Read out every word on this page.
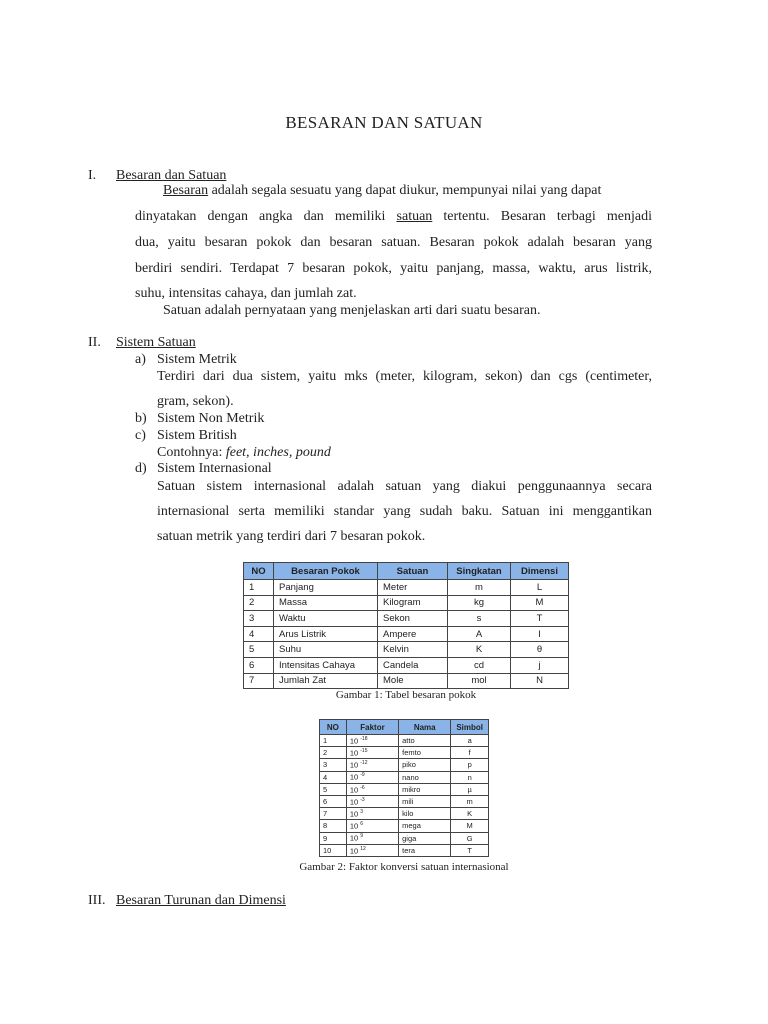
BESARAN DAN SATUAN
I. Besaran dan Satuan
Besaran adalah segala sesuatu yang dapat diukur, mempunyai nilai yang dapat
dinyatakan dengan angka dan memiliki satuan tertentu. Besaran terbagi menjadi
dua, yaitu besaran pokok dan besaran satuan. Besaran pokok adalah besaran yang
berdiri sendiri. Terdapat 7 besaran pokok, yaitu panjang, massa, waktu, arus listrik,
suhu, intensitas cahaya, dan jumlah zat.
Satuan adalah pernyataan yang menjelaskan arti dari suatu besaran.
II. Sistem Satuan
a) Sistem Metrik
Terdiri dari dua sistem, yaitu mks (meter, kilogram, sekon) dan cgs (centimeter,
gram, sekon).
b) Sistem Non Metrik
c) Sistem British
Contohnya: feet, inches, pound
d) Sistem Internasional
Satuan sistem internasional adalah satuan yang diakui penggunaannya secara
internasional serta memiliki standar yang sudah baku. Satuan ini menggantikan
satuan metrik yang terdiri dari 7 besaran pokok.
NO	Besaran Pokok	Satuan	Singkatan	Dimensi
1	Panjang	Meter	m	L
2	Massa	Kilogram	kg	M
3	Waktu	Sekon	s	T
4	Arus Listrik	Ampere	A	I
5	Suhu	Kelvin	K	θ
6	Intensitas Cahaya	Candela	cd	j
7	Jumlah Zat	Mole	mol	N
Gambar 1: Tabel besaran pokok
NO	Faktor	Nama	Simbol
1	10 $^{-18}$	atto	a
2	10 $^{-15}$	femto	f
3	10 $^{-12}$	piko	p
4	10 $^{-9}$	nano	n
5	10 $^{-6}$	mikro	µ
6	10 $^{-3}$	mili	m
7	10 $^3$	kilo	K
8	10 $^6$	mega	M
9	10 $^9$	giga	G
10	10 $^{12}$	tera	T
Gambar 2: Faktor konversi satuan internasional
III. Besaran Turunan dan Dimensi
